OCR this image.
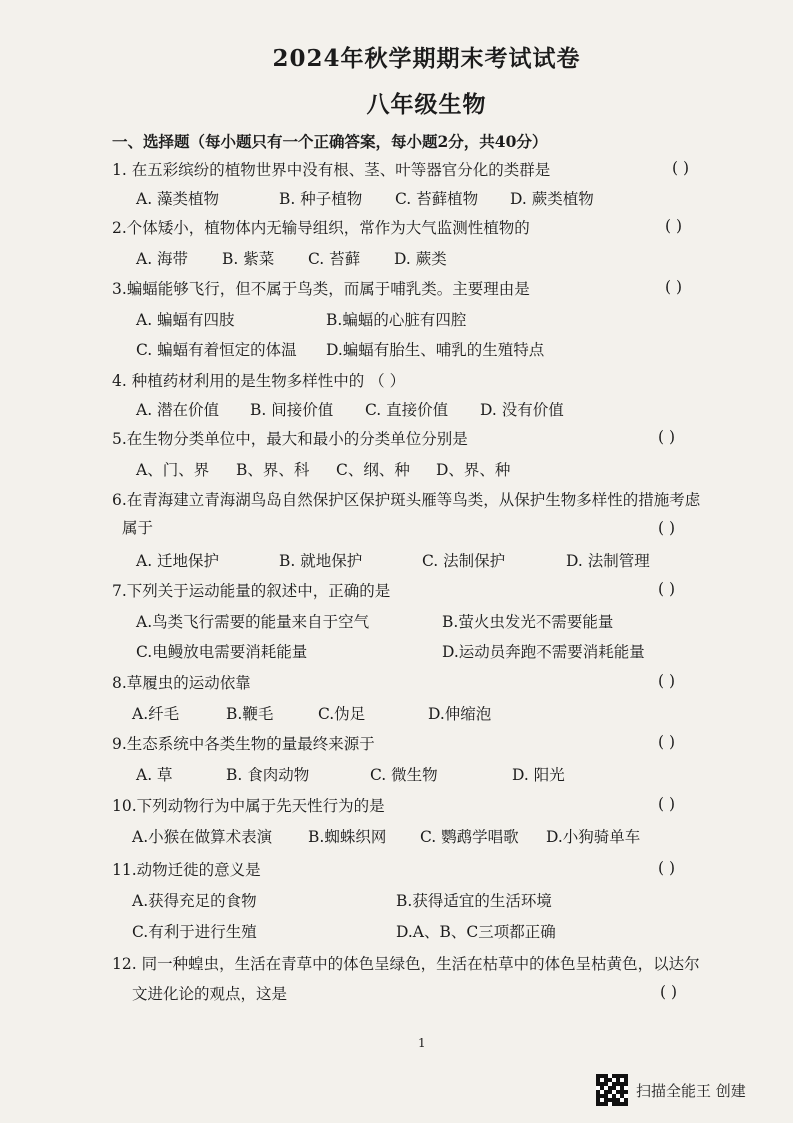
2024年秋学期期末考试试卷
八年级生物
一、选择题（每小题只有一个正确答案，每小题2分，共40分）
1. 在五彩缤纷的植物世界中没有根、茎、叶等器官分化的类群是	( )
A. 藻类植物	B. 种子植物 C. 苔藓植物 D. 蕨类植物
2.个体矮小，植物体内无输导组织，常作为大气监测性植物的	( )
A. 海带 B. 紫菜 C. 苔藓 D. 蕨类
3.蝙蝠能够飞行，但不属于鸟类，而属于哺乳类。主要理由是	( )
A. 蝙蝠有四肢	B.蝙蝠的心脏有四腔
C. 蝙蝠有着恒定的体温 D.蝙蝠有胎生、哺乳的生殖特点
4. 种植药材利用的是生物多样性中的 （ ）
A. 潜在价值 B. 间接价值 C. 直接价值 D. 没有价值
5.在生物分类单位中，最大和最小的分类单位分别是	( )
A、门、界 B、界、科 C、纲、种 D、界、种
6.在青海建立青海湖鸟岛自然保护区保护斑头雁等鸟类，从保护生物多样性的措施考虑
属于	( )
A. 迁地保护	B. 就地保护	C. 法制保护	D. 法制管理
7.下列关于运动能量的叙述中，正确的是	( )
A.鸟类飞行需要的能量来自于空气	B.萤火虫发光不需要能量
C.电鳗放电需要消耗能量	D.运动员奔跑不需要消耗能量
8.草履虫的运动依靠	( )
A.纤毛	B.鞭毛	C.伪足	D.伸缩泡
9.生态系统中各类生物的量最终来源于	( )
A. 草	B. 食肉动物	C. 微生物	D. 阳光
10.下列动物行为中属于先天性行为的是	( )
A.小猴在做算术表演 B.蜘蛛织网 C. 鹦鹉学唱歌 D.小狗骑单车
11.动物迁徙的意义是	( )
A.获得充足的食物	B.获得适宜的生活环境
C.有利于进行生殖	D.A、B、C三项都正确
12. 同一种蝗虫，生活在青草中的体色呈绿色，生活在枯草中的体色呈枯黄色，以达尔
文进化论的观点，这是	( )
1
扫描全能王 创建
